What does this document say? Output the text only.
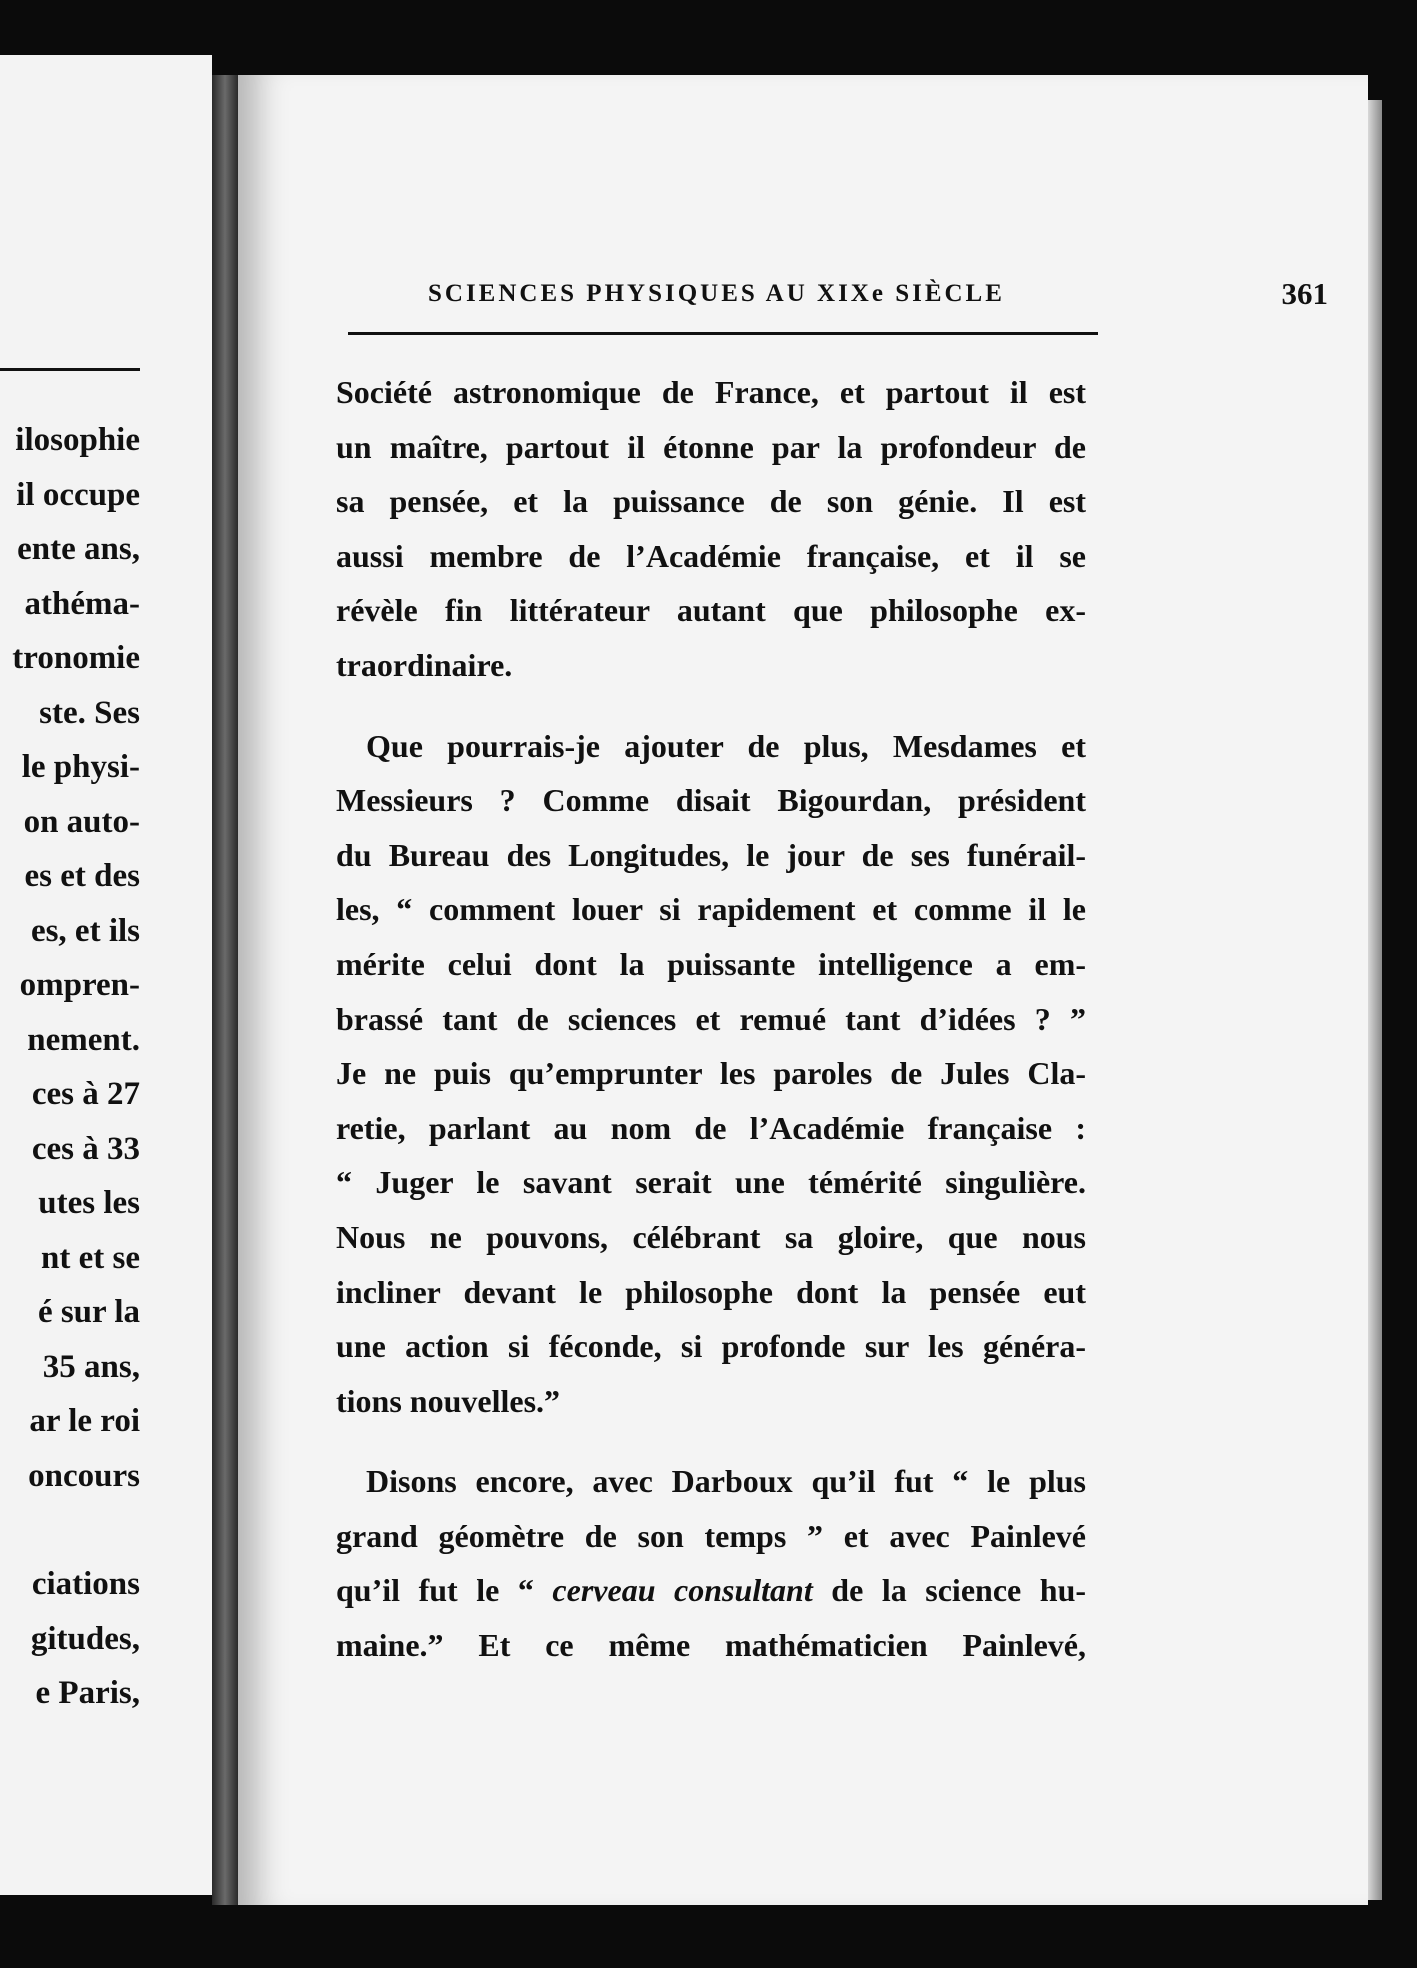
ilosophie
il occupe
ente ans,
athéma-
tronomie
ste. Ses
le physi-
on auto-
es et des
es, et ils
ompren-
nement.
ces à 27
ces à 33
utes les
nt et se
é sur la
35 ans,
ar le roi
oncours
ciations
gitudes,
e Paris,
SCIENCES PHYSIQUES AU XIXe SIÈCLE	361
Société astronomique de France, et partout il est
un maître, partout il étonne par la profondeur de
sa pensée, et la puissance de son génie. Il est
aussi membre de l’Académie française, et il se
révèle fin littérateur autant que philosophe ex-
traordinaire.
Que pourrais-je ajouter de plus, Mesdames et
Messieurs ? Comme disait Bigourdan, président
du Bureau des Longitudes, le jour de ses funérail-
les, “ comment louer si rapidement et comme il le
mérite celui dont la puissante intelligence a em-
brassé tant de sciences et remué tant d’idées ? ”
Je ne puis qu’emprunter les paroles de Jules Cla-
retie, parlant au nom de l’Académie française :
“ Juger le savant serait une témérité singulière.
Nous ne pouvons, célébrant sa gloire, que nous
incliner devant le philosophe dont la pensée eut
une action si féconde, si profonde sur les généra-
tions nouvelles.”
Disons encore, avec Darboux qu’il fut “ le plus
grand géomètre de son temps ” et avec Painlevé
qu’il fut le “ cerveau consultant de la science hu-
maine.” Et ce même mathématicien Painlevé,
